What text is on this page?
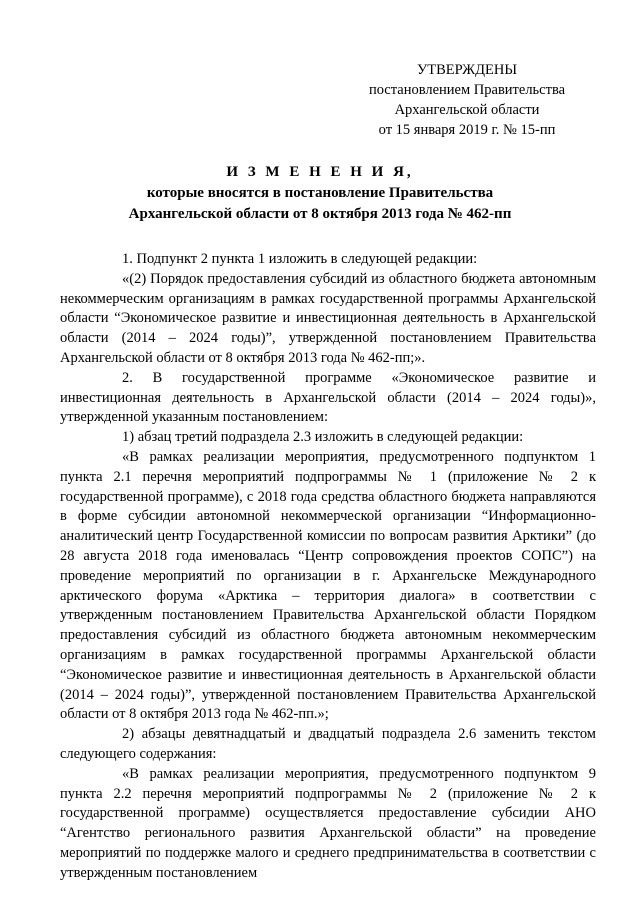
УТВЕРЖДЕНЫ
постановлением Правительства
Архангельской области
от 15 января 2019 г. № 15-пп
И З М Е Н Е Н И Я,
которые вносятся в постановление Правительства
Архангельской области от 8 октября 2013 года № 462-пп

1. Подпункт 2 пункта 1 изложить в следующей редакции:

«(2) Порядок предоставления субсидий из областного бюджета автономным некоммерческим организациям в рамках государственной программы Архангельской области “Экономическое развитие и инвестиционная деятельность в Архангельской области (2014 – 2024 годы)”, утвержденной постановлением Правительства Архангельской области от 8 октября 2013 года № 462-пп;».

2. В государственной программе «Экономическое развитие и инвестиционная деятельность в Архангельской области (2014 – 2024 годы)», утвержденной указанным постановлением:

1) абзац третий подраздела 2.3 изложить в следующей редакции:

«В рамках реализации мероприятия, предусмотренного подпунктом 1 пункта 2.1 перечня мероприятий подпрограммы № 1 (приложение № 2 к государственной программе), с 2018 года средства областного бюджета направляются в форме субсидии автономной некоммерческой организации “Информационно-аналитический центр Государственной комиссии по вопросам развития Арктики” (до 28 августа 2018 года именовалась “Центр сопровождения проектов СОПС”) на проведение мероприятий по организации в г. Архангельске Международного арктического форума «Арктика – территория диалога» в соответствии с утвержденным постановлением Правительства Архангельской области Порядком предоставления субсидий из областного бюджета автономным некоммерческим организациям в рамках государственной программы Архангельской области “Экономическое развитие и инвестиционная деятельность в Архангельской области (2014 – 2024 годы)”, утвержденной постановлением Правительства Архангельской области от 8 октября 2013 года № 462-пп.»;

2) абзацы девятнадцатый и двадцатый подраздела 2.6 заменить текстом следующего содержания:

«В рамках реализации мероприятия, предусмотренного подпунктом 9 пункта 2.2 перечня мероприятий подпрограммы № 2 (приложение № 2 к государственной программе) осуществляется предоставление субсидии АНО “Агентство регионального развития Архангельской области” на проведение мероприятий по поддержке малого и среднего предпринимательства в соответствии с утвержденным постановлением
